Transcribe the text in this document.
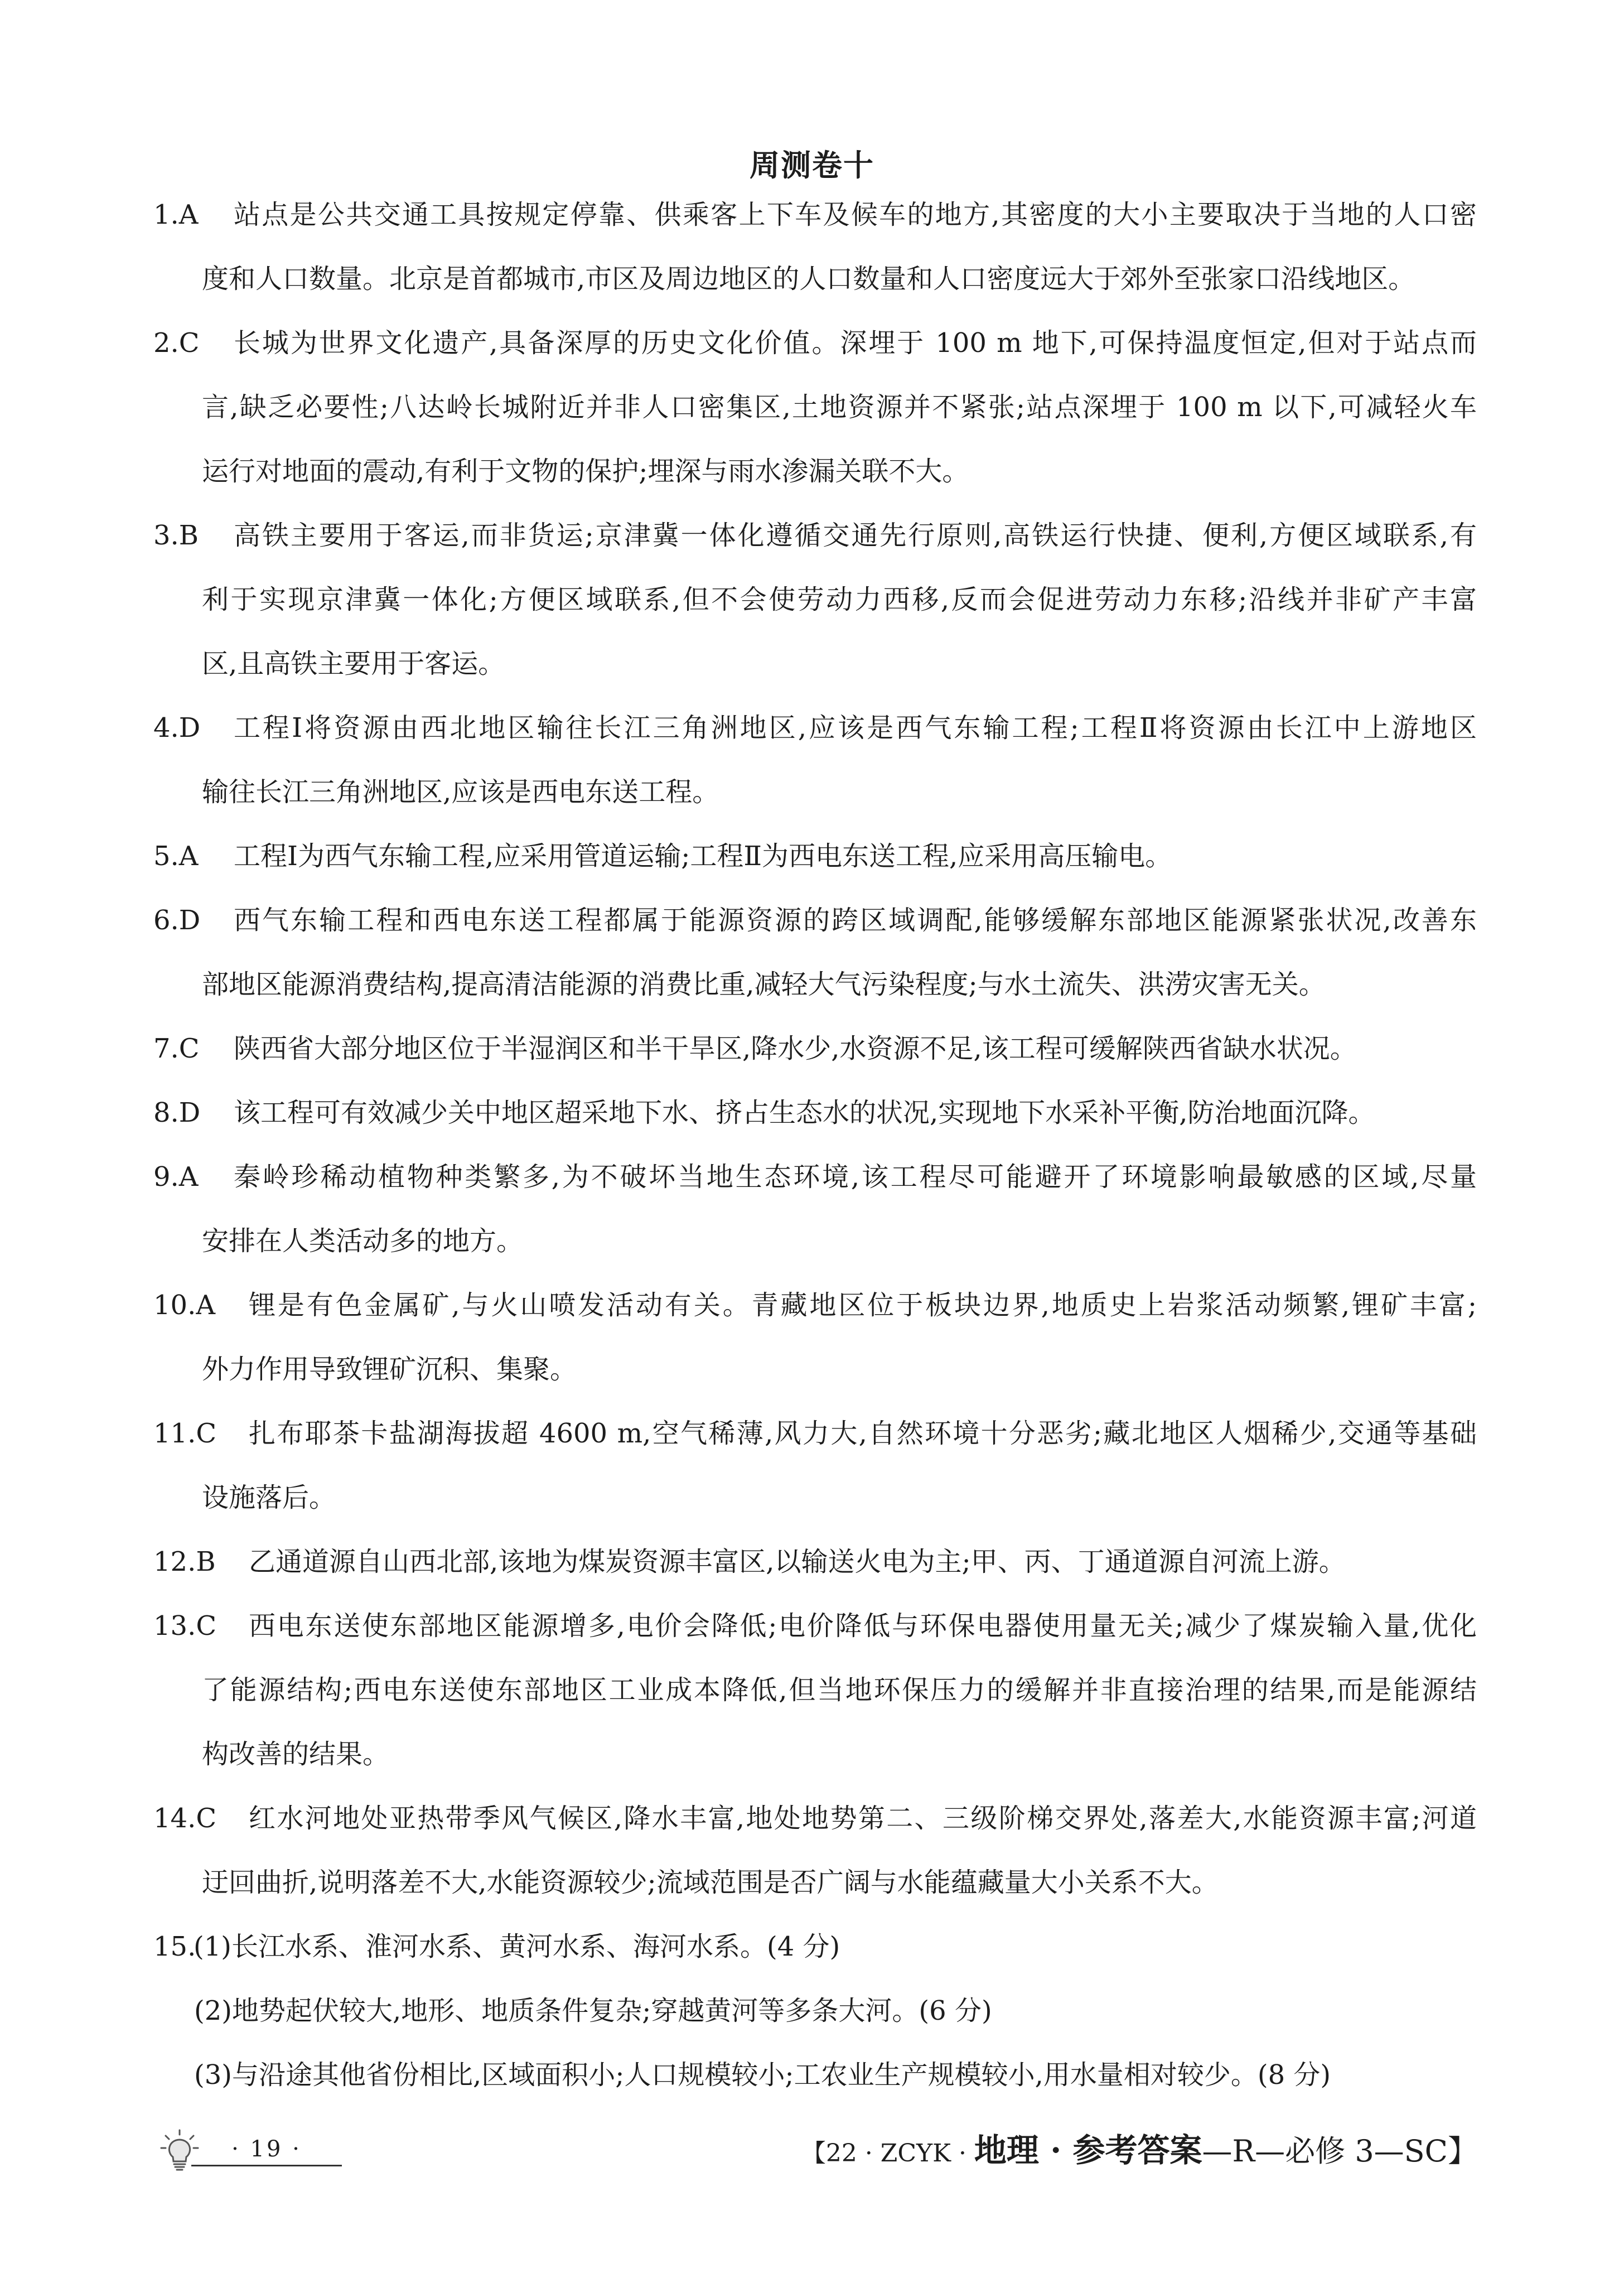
周测卷十
1.A	站点是公共交通工具按规定停靠、供乘客上下车及候车的地方,其密度的大小主要取决于当地的人口密
度和人口数量。北京是首都城市,市区及周边地区的人口数量和人口密度远大于郊外至张家口沿线地区。
2.C	长城为世界文化遗产,具备深厚的历史文化价值。深埋于 100 m 地下,可保持温度恒定,但对于站点而
言,缺乏必要性;八达岭长城附近并非人口密集区,土地资源并不紧张;站点深埋于 100 m 以下,可减轻火车
运行对地面的震动,有利于文物的保护;埋深与雨水渗漏关联不大。
3.B	高铁主要用于客运,而非货运;京津冀一体化遵循交通先行原则,高铁运行快捷、便利,方便区域联系,有
利于实现京津冀一体化;方便区域联系,但不会使劳动力西移,反而会促进劳动力东移;沿线并非矿产丰富
区,且高铁主要用于客运。
4.D	工程Ⅰ将资源由西北地区输往长江三角洲地区,应该是西气东输工程;工程Ⅱ将资源由长江中上游地区
输往长江三角洲地区,应该是西电东送工程。
5.A	工程Ⅰ为西气东输工程,应采用管道运输;工程Ⅱ为西电东送工程,应采用高压输电。
6.D	西气东输工程和西电东送工程都属于能源资源的跨区域调配,能够缓解东部地区能源紧张状况,改善东
部地区能源消费结构,提高清洁能源的消费比重,减轻大气污染程度;与水土流失、洪涝灾害无关。
7.C	陕西省大部分地区位于半湿润区和半干旱区,降水少,水资源不足,该工程可缓解陕西省缺水状况。
8.D	该工程可有效减少关中地区超采地下水、挤占生态水的状况,实现地下水采补平衡,防治地面沉降。
9.A	秦岭珍稀动植物种类繁多,为不破坏当地生态环境,该工程尽可能避开了环境影响最敏感的区域,尽量
安排在人类活动多的地方。
10.A	锂是有色金属矿,与火山喷发活动有关。青藏地区位于板块边界,地质史上岩浆活动频繁,锂矿丰富;
外力作用导致锂矿沉积、集聚。
11.C	扎布耶茶卡盐湖海拔超 4600 m,空气稀薄,风力大,自然环境十分恶劣;藏北地区人烟稀少,交通等基础
设施落后。
12.B	乙通道源自山西北部,该地为煤炭资源丰富区,以输送火电为主;甲、丙、丁通道源自河流上游。
13.C	西电东送使东部地区能源增多,电价会降低;电价降低与环保电器使用量无关;减少了煤炭输入量,优化
了能源结构;西电东送使东部地区工业成本降低,但当地环保压力的缓解并非直接治理的结果,而是能源结
构改善的结果。
14.C	红水河地处亚热带季风气候区,降水丰富,地处地势第二、三级阶梯交界处,落差大,水能资源丰富;河道
迂回曲折,说明落差不大,水能资源较少;流域范围是否广阔与水能蕴藏量大小关系不大。
15.
(1)长江水系、淮河水系、黄河水系、海河水系。(4 分)
(2)地势起伏较大,地形、地质条件复杂;穿越黄河等多条大河。(6 分)
(3)与沿途其他省份相比,区域面积小;人口规模较小;工农业生产规模较小,用水量相对较少。(8 分)
· 19 ·	【22 · ZCYK · 地理 · 参考答案—R—必修 3—SC】
